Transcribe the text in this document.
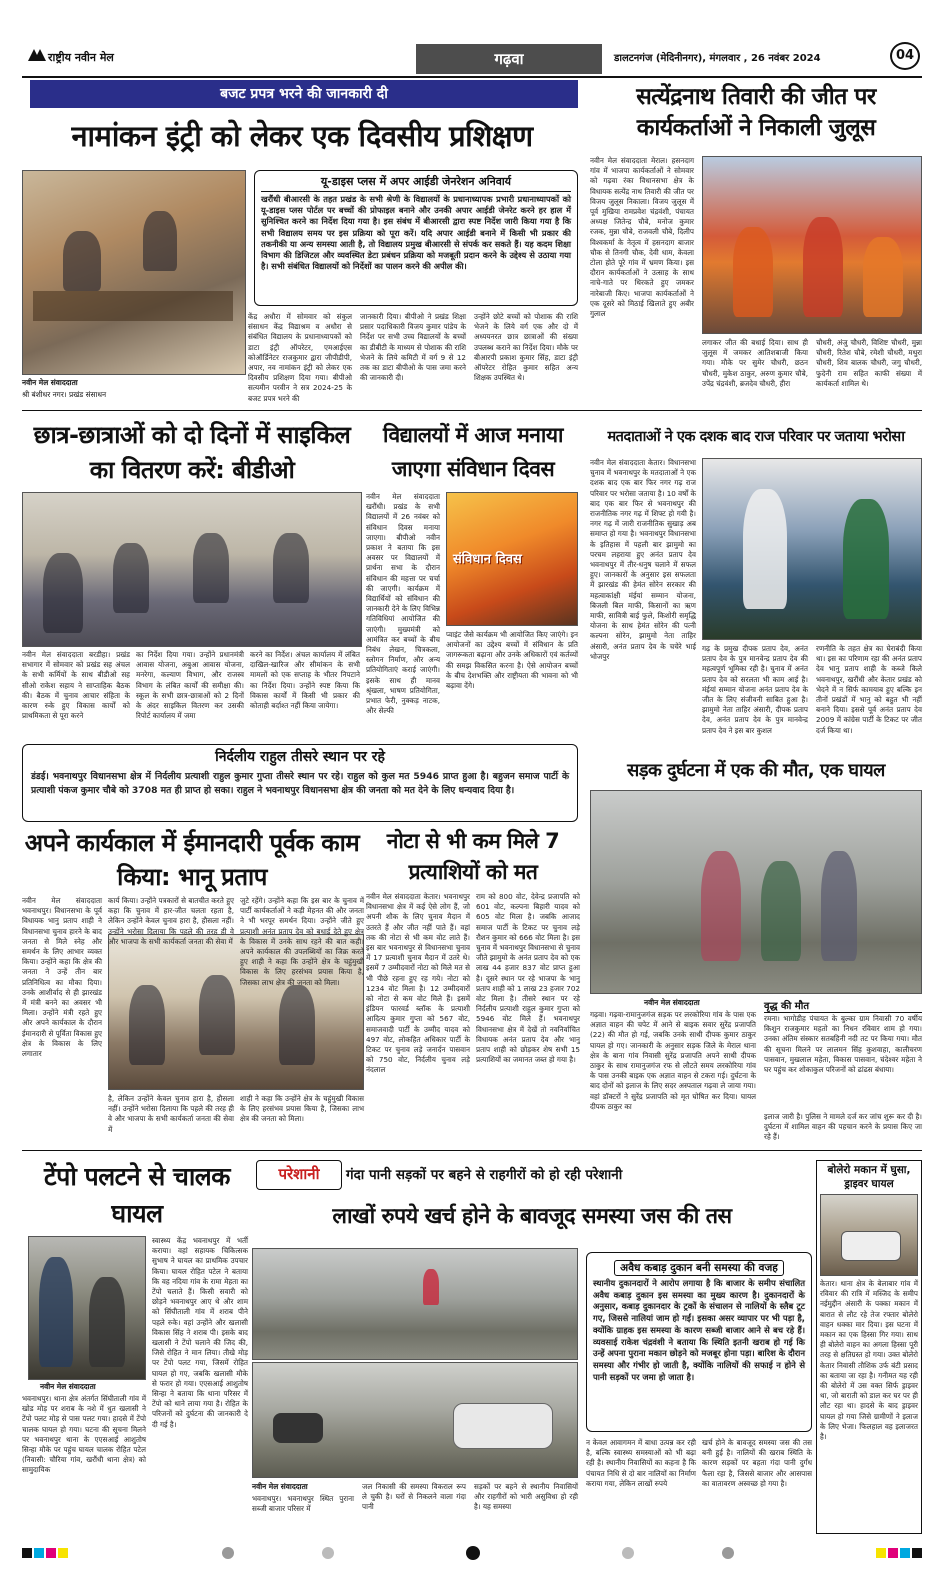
राष्ट्रीय नवीन मेल	गढ़वा	डालटनगंज (मेदिनीनगर), मंगलवार , 26 नवंबर 2024	04
बजट प्रपत्र भरने की जानकारी दी
नामांकन इंट्री को लेकर एक दिवसीय प्रशिक्षण
नवीन मेल संवाददाता
श्री बंशीधर नगर। प्रखंड संसाधन
यू-डाइस प्लस में अपर आईडी जेनरेशन अनिवार्य
खरौंधी बीआरसी के तहत प्रखंड के सभी श्रेणी के विद्यालयों के प्रधानाध्यापक प्रभारी प्रधानाध्यापकों को यू-डाइस प्लस पोर्टल पर बच्चों की प्रोफाइल बनाने और उनकी अपार आईडी जेनरेट करने हर हाल में सुनिश्चित करने का निर्देश दिया गया है। इस संबंध में बीआरसी द्वारा स्पष्ट निर्देश जारी किया गया है कि सभी विद्यालय समय पर इस प्रक्रिया को पूरा करें। यदि अपार आईडी बनाने में किसी भी प्रकार की तकनीकी या अन्य समस्या आती है, तो विद्यालय प्रमुख बीआरसी से संपर्क कर सकते हैं। यह कदम शिक्षा विभाग की डिजिटल और व्यवस्थित डेटा प्रबंधन प्रक्रिया को मजबूती प्रदान करने के उद्देश्य से उठाया गया है। सभी संबंधित विद्यालयों को निर्देशों का पालन करने की अपील की।
केंद्र अधौरा में सोमवार को संकुल संसाधन केंद्र विद्याश्रम व अधौरा से संबंधित विद्यालय के प्रधानाध्यापकों को डाटा इंट्री ऑपरेटर, एमआईएस कोऑर्डिनेटर राजकुमार द्वारा जीपीडीपी, अपार, नव नामांकन इंट्री को लेकर एक दिवसीय प्रशिक्षण दिया गया। बीपीओ सत्यमीन परवीन ने सत्र 2024-25 के बजट प्रपत्र भरने की
जानकारी दिया। बीपीओ ने प्रखंड शिक्षा प्रसार पदाधिकारी विजय कुमार पांडेय के निर्देश पर सभी उच्च विद्यालयों के बच्चों का डीबीटी के माध्यम से पोशाक की राशि भेजने के लिये कमिटी में वर्ग 9 से 12 तक का डाटा बीपीओ के पास जमा करने की जानकारी दी।
उन्होंने छोटे बच्चों को पोशाक की राशि भेजने के लिये वर्ग एक और दो में अध्ययनरत छात्र छात्राओं की संख्या उपलब्ध कराने का निर्देश दिया। मौके पर बीआरपी प्रकाश कुमार सिंह, डाटा इंट्री ऑपरेटर रोहित कुमार सहित अन्य शिक्षक उपस्थित थे।
सत्येंद्रनाथ तिवारी की जीत पर कार्यकर्ताओं ने निकाली जुलूस
नवीन मेल संवाददाता मेराल। हसनदाग गांव में भाजपा कार्यकर्ताओं ने सोमवार को गढ़वा रंका विधानसभा क्षेत्र के विधायक सत्येंद्र नाथ तिवारी की जीत पर विजय जुलूस निकाला। विजय जुलूस में पूर्व मुखिया रामप्रवेश चंद्रवंशी, पंचायत अध्यक्ष जितेन्द्र चौबे, मनोज कुमार रजक, मुन्ना चौबे, राजवली चौबे, दिलीप विश्वकर्मा के नेतृत्व में हसनदाग बाजार चौक से तिनगी चौक, देवी धाम, केवला टोला होते पूरे गांव में भ्रमण किया। इस दौरान कार्यकर्ताओं ने उत्साह के साथ नाचे-गाते पर थिरकते हुए जमकर नारेबाजी किए। भाजपा कार्यकर्ताओं ने एक दूसरे को मिठाई खिलाते हुए अबीर गुलाल
लगाकर जीत की बधाई दिया। साथ ही जुलूस में जमकर आतिशबाजी किया गया। मौके पर सुमेर चौधरी, छठन चौधरी, मुकेश ठाकुर, अरुण कुमार चौबे, उपेंद्र चंद्रवंशी, ब्रजदेव चौधरी, हीरा
चौधरी, अंजु चौधरी, विशिष्ट चौधरी, मुन्ना चौधरी, रितेश चौबे, रमेशी चौधरी, मथुरा चौधरी, शिव बालक चौधरी, जगु चौधरी, फुदेनी राम सहित काफी संख्या में कार्यकर्ता शामिल थे।
छात्र-छात्राओं को दो दिनों में साइकिल का वितरण करें: बीडीओ
नवीन मेल संवाददाता बरडीहा। प्रखंड सभागार में सोमवार को प्रखंड सह अंचल के सभी कर्मियों के साथ बीडीओ सह सीओ राकेश सहाय ने साप्ताहिक बैठक की। बैठक में चुनाव आचार संहिता के कारण रुके हुए विकास कार्यों को प्राथमिकता से पूरा करने
का निर्देश दिया गया। उन्होंने प्रधानमंत्री आवास योजना, अबुआ आवास योजना, मनरेगा, कल्याण विभाग, और राजस्व विभाग के लंबित कार्यों की समीक्षा की। स्कूल के सभी छात्र-छात्राओं को 2 दिनों के अंदर साइकिल वितरण कर उसकी रिपोर्ट कार्यालय में जमा
करने का निर्देश। अंचल कार्यालय में लंबित दाखिल-खारिज और सीमांकन के सभी मामलों को एक सप्ताह के भीतर निपटाने का निर्देश दिया। उन्होंने स्पष्ट किया कि विकास कार्यों में किसी भी प्रकार की कोताही बर्दाश्त नहीं किया जायेगा।
विद्यालयों में आज मनाया जाएगा संविधान दिवस
नवीन मेल संवाददाता खरौंधी। प्रखंड के सभी विद्यालयों में 26 नवंबर को संविधान दिवस मनाया जाएगा। बीपीओ नवीन प्रकाश ने बताया कि इस अवसर पर विद्यालयों में प्रार्थना सभा के दौरान संविधान की महत्ता पर चर्चा की जाएगी। कार्यक्रम में विद्यार्थियों को संविधान की जानकारी देने के लिए विभिन्न गतिविधियां आयोजित की जाएंगी। मुख्यमंत्री को आमंत्रित कर बच्चों के बीच निबंध लेखन, चित्रकला, स्लोगन निर्माण, और अन्य प्रतियोगिताएं कराई जाएंगी। इसके साथ ही मानव श्रृंखला, भाषण प्रतियोगिता, प्रभात फेरी, नुक्कड़ नाटक, और सेल्फी
संविधान दिवस
प्वाइंट जैसे कार्यक्रम भी आयोजित किए जाएंगे। इन आयोजनों का उद्देश्य बच्चों में संविधान के प्रति जागरूकता बढ़ाना और उनके अधिकारों एवं कर्तव्यों की समझ विकसित करना है। ऐसे आयोजन बच्चों के बीच देशभक्ति और राष्ट्रीयता की भावना को भी बढ़ावा देंगे।
मतदाताओं ने एक दशक बाद राज परिवार पर जताया भरोसा
नवीन मेल संवाददाता केतार। विधानसभा चुनाव में भवनाथपुर के मतदाताओं ने एक दशक बाद एक बार फिर नगर गढ़ राज परिवार पर भरोसा जताया है। 10 वर्षों के बाद एक बार फिर से भवनाथपुर की राजनीतिक नगर गढ़ में शिफ्ट हो गयी है। नगर गढ़ में जारी राजनीतिक सुखाड़ अब समाप्त हो गया है। भवनाथपुर विधानसभा के इतिहास में पहली बार झामुमो का परचम लहराया हुए अनंत प्रताप देव भवनाथपुर में तीर-धनुष चलाने में सफल हुए। जानकारों के अनुसार इस सफलता में झारखंड की हेमंत सोरेन सरकार की महत्वाकांक्षी मंईयां सम्मान योजना, बिजली बिल माफी, किसानों का ऋण माफी, सावित्री बाई फुले, किशोरी समृद्धि योजना के साथ हेमंत सोरेन की पत्नी कल्पना सोरेन, झामुमो नेता ताहिर अंसारी, अनंत प्रताप देव के चचेरे भाई भोजपुर
गढ़ के प्रमुख दीपक प्रताप देव, अनंत प्रताप देव के पुत्र मानवेन्द्र प्रताप देव की महत्वपूर्ण भूमिका रही है। चुनाव में अनंत प्रताप देव को सरलता भी काम आई है। मंईयां सम्मान योजना अनंत प्रताप देव के जीत के लिए संजीवनी साबित हुआ है। झामुमो नेता ताहिर अंसारी, दीपक प्रताप देव, अनंत प्रताप देव के पुत्र मानवेन्द्र प्रताप देव ने इस बार कुशल
रणनीति के तहत क्षेत्र का घेराबंदी किया था। इस का परिणाम रहा की अनंत प्रताप देव भानु प्रताप शाही के कब्जे किले भवनाथपुर, खरौंधी और केतार प्रखंड को भेदने में न सिर्फ कामयाब हुए बल्कि इन तीनों प्रखंडों में भानु को बहुत भी नहीं बनाने दिया। इससे पूर्व अनंत प्रताप देव 2009 में कांग्रेस पार्टी के टिकट पर जीत दर्ज किया था।
निर्दलीय राहुल तीसरे स्थान पर रहे
डंडई। भवनाथपुर विधानसभा क्षेत्र में निर्दलीय प्रत्याशी राहुल कुमार गुप्ता तीसरे स्थान पर रहे। राहुल को कुल मत 5946 प्राप्त हुआ है। बहुजन समाज पार्टी के प्रत्याशी पंकज कुमार चौबे को 3708 मत ही प्राप्त हो सका। राहुल ने भवनाथपुर विधानसभा क्षेत्र की जनता को मत देने के लिए धन्यवाद दिया है।
अपने कार्यकाल में ईमानदारी पूर्वक काम किया: भानू प्रताप
नवीन मेल संवाददाता भवनाथपुर। विधानसभा के पूर्व विधायक भानु प्रताप शाही ने विधानसभा चुनाव हारने के बाद जनता से मिले स्नेह और समर्थन के लिए आभार व्यक्त किया। उन्होंने कहा कि क्षेत्र की जनता ने उन्हें तीन बार प्रतिनिधित्व का मौका दिया। उनके आशीर्वाद से ही झारखंड में मंत्री बनने का अवसर भी मिला। उन्होंने मंत्री रहते हुए और अपने कार्यकाल के दौरान ईमानदारी से पूर्विता विकास हुए क्षेत्र के विकास के लिए लगातार
कार्य किया। उन्होंने पत्रकारों से बातचीत करते हुए कहा कि चुनाव में हार-जीत चलता रहता है, लेकिन उन्होंने केवल चुनाव हारा है, हौसला नहीं। उन्होंने भरोसा दिलाया कि पहले की तरह ही वे और भाजपा के सभी कार्यकर्ता जनता की सेवा में
जुटे रहेंगे। उन्होंने कहा कि इस बार के चुनाव में पार्टी कार्यकर्ताओं ने कड़ी मेहनत की और जनता ने भी भरपूर समर्थन दिया। उन्होंने जीते हुए प्रत्याशी अनंत प्रताप देव को बधाई देते हुए क्षेत्र के विकास में उनके साथ रहने की बात कही। अपने कार्यकाल की उपलब्धियों का जिक्र करते हुए शाही ने कहा कि उन्होंने क्षेत्र के चहुंमुखी विकास के लिए हरसंभव प्रयास किया है, जिसका लाभ क्षेत्र की जनता को मिला।
है, लेकिन उन्होंने केवल चुनाव हारा है, हौसला नहीं। उन्होंने भरोसा दिलाया कि पहले की तरह ही वे और भाजपा के सभी कार्यकर्ता जनता की सेवा में
शाही ने कहा कि उन्होंने क्षेत्र के चहुंमुखी विकास के लिए हरसंभव प्रयास किया है, जिसका लाभ क्षेत्र की जनता को मिला।
नोटा से भी कम मिले 7 प्रत्याशियों को मत
नवीन मेल संवाददाता केतार। भवनाथपुर विधानसभा क्षेत्र में कई ऐसे लोग हैं, जो अपनी शौक के लिए चुनाव मैदान में उतरते हैं और जीत नहीं पाते हैं। वहां तक की नोटा से भी कम वोट लाते हैं। इस बार भवनाथपुर से विधानसभा चुनाव में 17 प्रत्याशी चुनाव मैदान में उतरे थे। इसमें 7 उम्मीदवारों नोटा को मिले मत से भी पीछे रहना हुए रह गये। नोटा को 1234 वोट मिला है। 12 उम्मीदवारों को नोटा से कम वोट मिले हैं। इसमें इंडियन फारवर्ड ब्लॉक के प्रत्याशी आदित्य कुमार गुप्ता को 567 वोट, समाजवादी पार्टी के उम्मीद यादव को 497 वोट, लोकहित अधिकार पार्टी के टिकट पर चुनाव लड़े जनार्दन पासवान को 750 वोट, निर्दलीय चुनाव लड़े नंदलाल
राम को 800 वोट, देवेन्द्र प्रजापति को 601 वोट, कल्पना बिहारी यादव को 605 वोट मिला है। जबकि आजाद समाज पार्टी के टिकट पर चुनाव लड़े रौशन कुमार को 666 वोट मिला है। इस चुनाव में भवनाथपुर विधानसभा से चुनाव जीते झामुमो के अनंत प्रताप देव को एक लाख 44 हजार 837 वोट प्राप्त हुआ है। दूसरे स्थान पर रहे भाजपा के भानु प्रताप शाही को 1 लाख 23 हजार 702 वोट मिला है। तीसरे स्थान पर रहे निर्दलीय प्रत्याशी राहुल कुमार गुप्ता को 5946 वोट मिले हैं। भवनाथपुर विधानसभा क्षेत्र में देखें तो नवनिर्वाचित विधायक अनंत प्रताप देव और भानु प्रताप शाही को छोड़कर शेष सभी 15 प्रत्याशियों का जमानत जब्त हो गया है।
सड़क दुर्घटना में एक की मौत, एक घायल
नवीन मेल संवाददाता
गढ़वा। गढ़वा-रामानुजगंज सड़क पर लरकोरिया गांव के पास एक अज्ञात वाहन की चपेट में आने से बाइक सवार सुरेंद्र प्रजापति (22) की मौत हो गई, जबकि उनके साथी दीपक कुमार ठाकुर घायल हो गए। जानकारी के अनुसार सड़क जिले के मेराल थाना क्षेत्र के बाना गांव निवासी सुरेंद्र प्रजापति अपने साथी दीपक ठाकुर के साथ रामानुजगंज रफ से लौटते समय लरकोरिया गांव के पास उनकी बाइक एक अज्ञात वाहन से टकरा गई। दुर्घटना के बाद दोनों को इलाज के लिए सदर अस्पताल गढ़वा ले जाया गया। वहां डॉक्टरों ने सुरेंद्र प्रजापति को मृत घोषित कर दिया। घायल दीपक ठाकुर का
वृद्ध की मौत
रमना। भागोडीह पंचायत के बुल्का ग्राम निवासी 70 वर्षीय किशुन राजकुमार महतो का निधन रविवार शाम हो गया। उनका अंतिम संस्कार सतबहिनी नदी तट पर किया गया। मौत की सूचना मिलने पर लालमन सिंह कुशवाहा, कालीचरण पासवान, मुखलाल महेता, विकास पासवान, चंदेश्वर महेता ने घर पहुंच कर शोकाकुल परिजनों को ढांढस बंधाया।
इलाज जारी है। पुलिस ने मामले दर्ज कर जांच शुरू कर दी है। दुर्घटना में शामिल वाहन की पहचान करने के प्रयास किए जा रहे हैं।
टेंपो पलटने से चालक घायल
नवीन मेल संवाददाता
भवनाथपुर। थाना क्षेत्र अंतर्गत सिंघीताली गांव में खोड मोड़ पर शराब के नशे में धुत खलासी ने टेंपो पलट मोड़ से पास पलट गया। हादसे में टेंपो चालक घायल हो गया। घटना की सूचना मिलने पर भवनाथपुर थाना के एएसआई आशुतोष सिन्हा मौके पर पहुंच घायल चालक रोहित पटेल (निवासी: चौरिया गांव, खरौंधी थाना क्षेत्र) को सामुदायिक
स्वास्थ्य केंद्र भवनाथपुर में भर्ती कराया। वहां सहायक चिकित्सक सुभाष ने घायल का प्राथमिक उपचार किया। घायल रोहित पटेल ने बताया कि वह नदिया गांव के रामा मेहता का टेंपो चलाते हैं। किसी सवारी को छोड़ने भवनाथपुर आए थे और शाम को सिंघीताली गांव में शराब पीने पहले रुके। वहां उन्होंने और खलासी विकास सिंह ने शराब पी। इसके बाद खलासी ने टेंपो चलाने की जिद की, जिसे रोहित ने मान लिया। तीखे मोड़ पर टेंपो पलट गया, जिसमें रोहित घायल हो गए, जबकि खलासी मौके से फरार हो गया। एएसआई आशुतोष सिन्हा ने बताया कि थाना परिसर में टेंपो को थाने लाया गया है। रोहित के परिजनों को दुर्घटना की जानकारी दे दी गई है।
परेशानी	गंदा पानी सड़कों पर बहने से राहगीरों को हो रही परेशानी
लाखों रुपये खर्च होने के बावजूद समस्या जस की तस
नवीन मेल संवाददाता
भवनाथपुर। भवनाथपुर स्थित पुराना सब्जी बाजार परिसर में
जल निकासी की समस्या विकराल रूप ले चुकी है। घरों से निकलने वाला गंदा पानी
सड़कों पर बहने से स्थानीय निवासियों और राहगीरों को भारी असुविधा हो रही है। यह समस्या
अवैध कबाड़ दुकान बनी समस्या की वजह
स्थानीय दुकानदारों ने आरोप लगाया है कि बाजार के समीप संचालित अवैध कबाड़ दुकान इस समस्या का मुख्य कारण है। दुकानदारों के अनुसार, कबाड़ दुकानदार के ट्रकों के संचालन से नालियों के स्लैब टूट गए, जिससे नालियां जाम हो गईं। इसका असर व्यापार पर भी पड़ा है, क्योंकि ग्राहक इस समस्या के कारण सब्जी बाजार आने से बच रहे हैं। व्यवसाई राकेश चंद्रवंशी ने बताया कि स्थिति इतनी खराब हो गई कि उन्हें अपना पुराना मकान छोड़ने को मजबूर होना पड़ा। बारिश के दौरान समस्या और गंभीर हो जाती है, क्योंकि नालियों की सफाई न होने से पानी सड़कों पर जमा हो जाता है।
न केवल आवागमन में बाधा उत्पन्न कर रही है, बल्कि स्वास्थ्य समस्याओं को भी बढ़ा रही है। स्थानीय निवासियों का कहना है कि पंचायत निधि से दो बार नालियों का निर्माण कराया गया, लेकिन लाखों रुपये
खर्च होने के बावजूद समस्या जस की तस बनी हुई है। नालियों की खराब स्थिति के कारण सड़कों पर बहता गंदा पानी दुर्गंध फैला रहा है, जिससे बाजार और आसपास का वातावरण अस्वच्छ हो गया है।
बोलेरो मकान में घुसा, ड्राइवर घायल
केतार। थाना क्षेत्र के बेलाबार गांव में रविवार की रात्रि में मस्जिद के समीप नईमुद्दीन अंसारी के पक्का मकान में बारात से लौट रहे तेज रफ्तार बोलेरो वाहन धक्का मार दिया। इस घटना में मकान का एक हिस्सा गिर गया। साथ ही बोलेरो वाहन का अगला हिस्सा पूरी तरह से क्षतिग्रस्त हो गया। उक्त बोलेरो केतार निवासी तौशिक उर्फ बंटी प्रसाद का बताया जा रहा है। गनीमत यह रही की बोलेरो में उस वक्त सिर्फ ड्राइवर था, जो बाराती को डाल कर घर पर ही लौट रहा था। हादसे के बाद ड्राइवर घायल हो गया जिसे ग्रामीणों ने इलाज के लिए भेजा। फिलहाल वह इलाजरत है।
